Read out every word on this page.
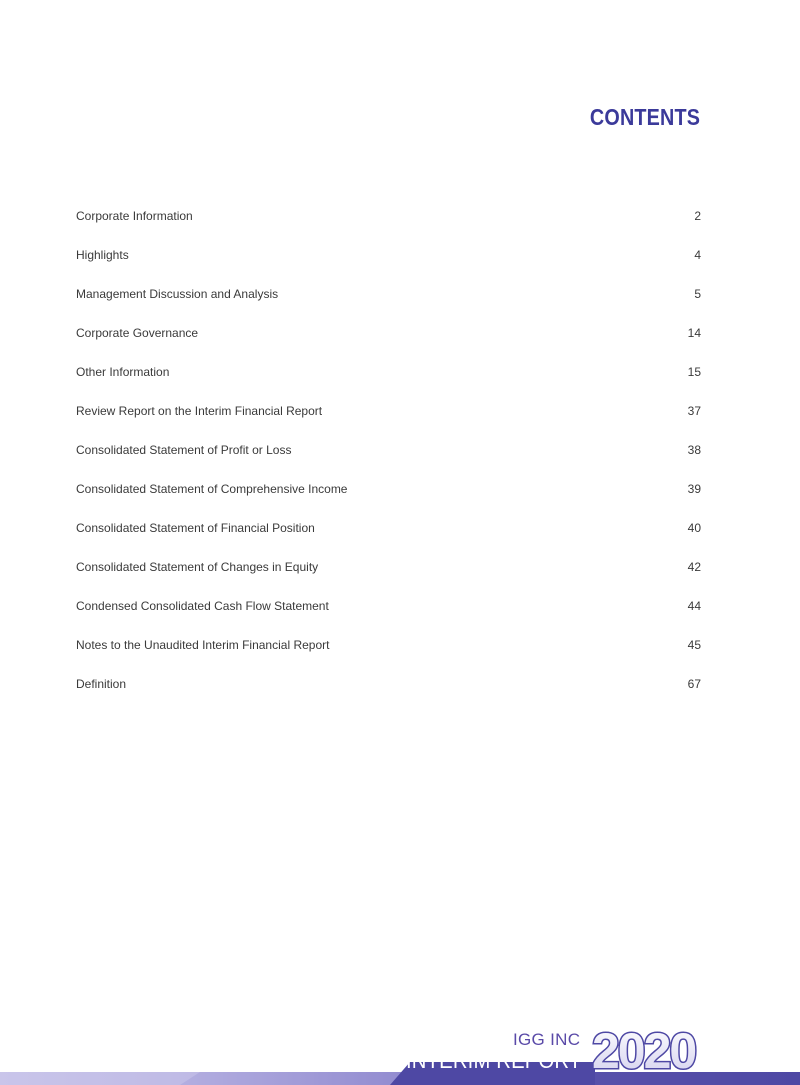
CONTENTS
Corporate Information	2
Highlights	4
Management Discussion and Analysis	5
Corporate Governance	14
Other Information	15
Review Report on the Interim Financial Report	37
Consolidated Statement of Profit or Loss	38
Consolidated Statement of Comprehensive Income	39
Consolidated Statement of Financial Position	40
Consolidated Statement of Changes in Equity	42
Condensed Consolidated Cash Flow Statement	44
Notes to the Unaudited Interim Financial Report	45
Definition	67
IGG INC
INTERIM REPORT 2020	1
